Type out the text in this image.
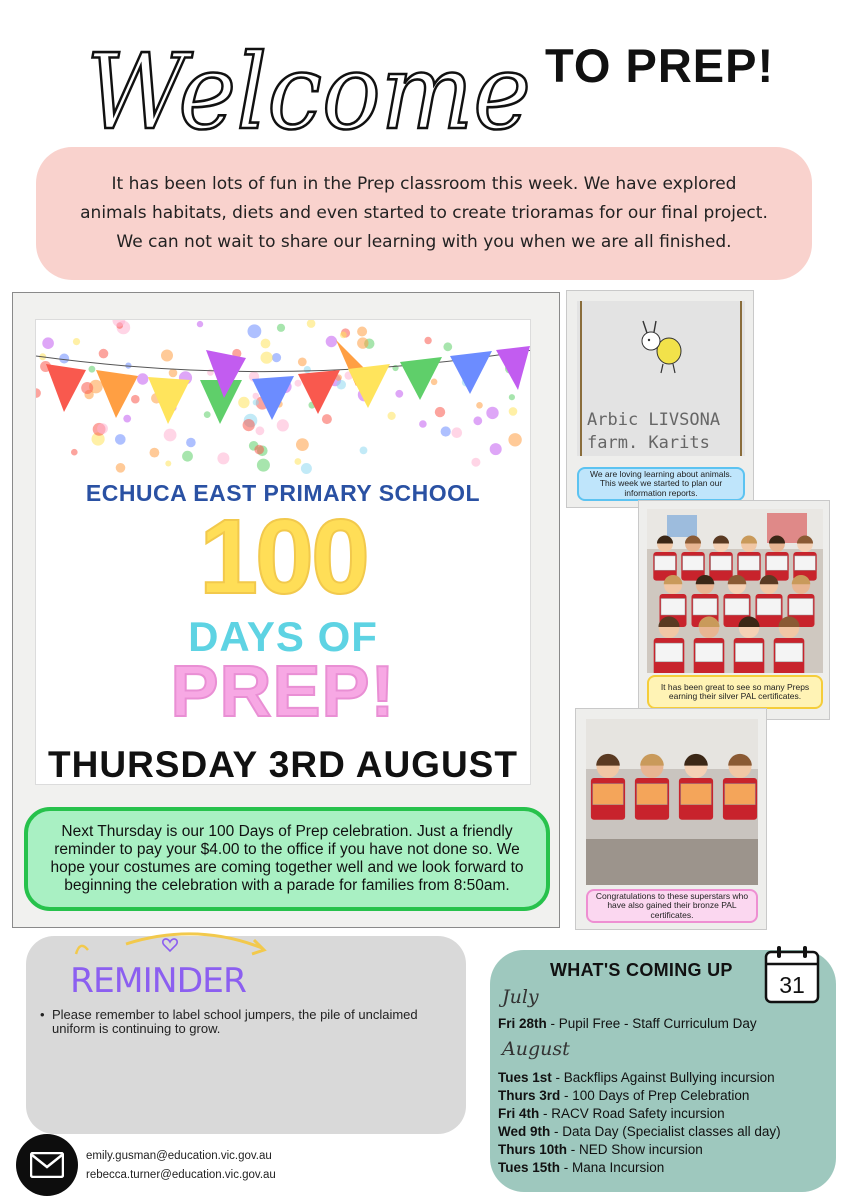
Welcome TO PREP!

It has been lots of fun in the Prep classroom this week. We have explored animals habitats, diets and even started to create trioramas for our final project. We can not wait to share our learning with you when we are all finished.

ECHUCA EAST PRIMARY SCHOOL
100
DAYS OF
PREP!
THURSDAY 3RD AUGUST

Next Thursday is our 100 Days of Prep celebration. Just a friendly reminder to pay your $4.00 to the office if you have not done so. We hope your costumes are coming together well and we look forward to beginning the celebration with a parade for families from 8:50am.

Arbic LIVSONA
farm. Karits
We are loving learning about animals. This week we started to plan our information reports.
It has been great to see so many Preps earning their silver PAL certificates.
Congratulations to these superstars who have also gained their bronze PAL certificates.
REMINDER
• Please remember to label school jumpers, the pile of unclaimed uniform is continuing to grow.
emily.gusman@education.vic.gov.au
rebecca.turner@education.vic.gov.au
WHAT'S COMING UP
31
July
Fri 28th - Pupil Free - Staff Curriculum Day
August
Tues 1st - Backflips Against Bullying incursion
Thurs 3rd - 100 Days of Prep Celebration
Fri 4th - RACV Road Safety incursion
Wed 9th - Data Day (Specialist classes all day)
Thurs 10th - NED Show incursion
Tues 15th - Mana Incursion
